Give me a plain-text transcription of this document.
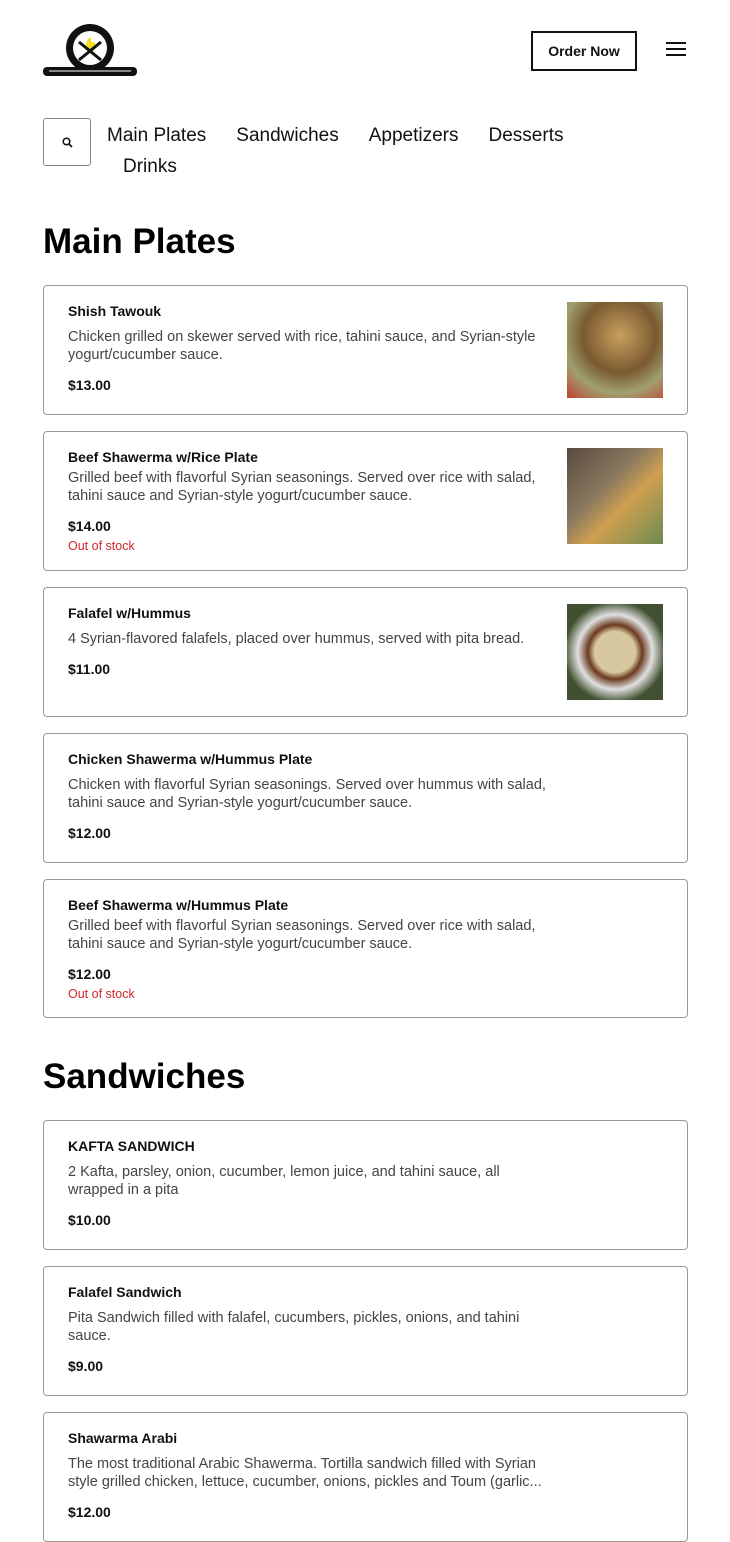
Order Now
Main Plates Sandwiches Appetizers Desserts
Drinks
Main Plates
Shish Tawouk
Chicken grilled on skewer served with rice, tahini sauce, and Syrian-style yogurt/cucumber sauce.
$13.00
Beef Shawerma w/Rice Plate
Grilled beef with flavorful Syrian seasonings. Served over rice with salad, tahini sauce and Syrian-style yogurt/cucumber sauce.
$14.00
Out of stock
Falafel w/Hummus
4 Syrian-flavored falafels, placed over hummus, served with pita bread.
$11.00
Chicken Shawerma w/Hummus Plate
Chicken with flavorful Syrian seasonings. Served over hummus with salad, tahini sauce and Syrian-style yogurt/cucumber sauce.
$12.00
Beef Shawerma w/Hummus Plate
Grilled beef with flavorful Syrian seasonings. Served over rice with salad, tahini sauce and Syrian-style yogurt/cucumber sauce.
$12.00
Out of stock
Sandwiches
KAFTA SANDWICH
2 Kafta, parsley, onion, cucumber, lemon juice, and tahini sauce, all wrapped in a pita
$10.00
Falafel Sandwich
Pita Sandwich filled with falafel, cucumbers, pickles, onions, and tahini sauce.
$9.00
Shawarma Arabi
The most traditional Arabic Shawerma. Tortilla sandwich filled with Syrian style grilled chicken, lettuce, cucumber, onions, pickles and Toum (garlic...
$12.00
